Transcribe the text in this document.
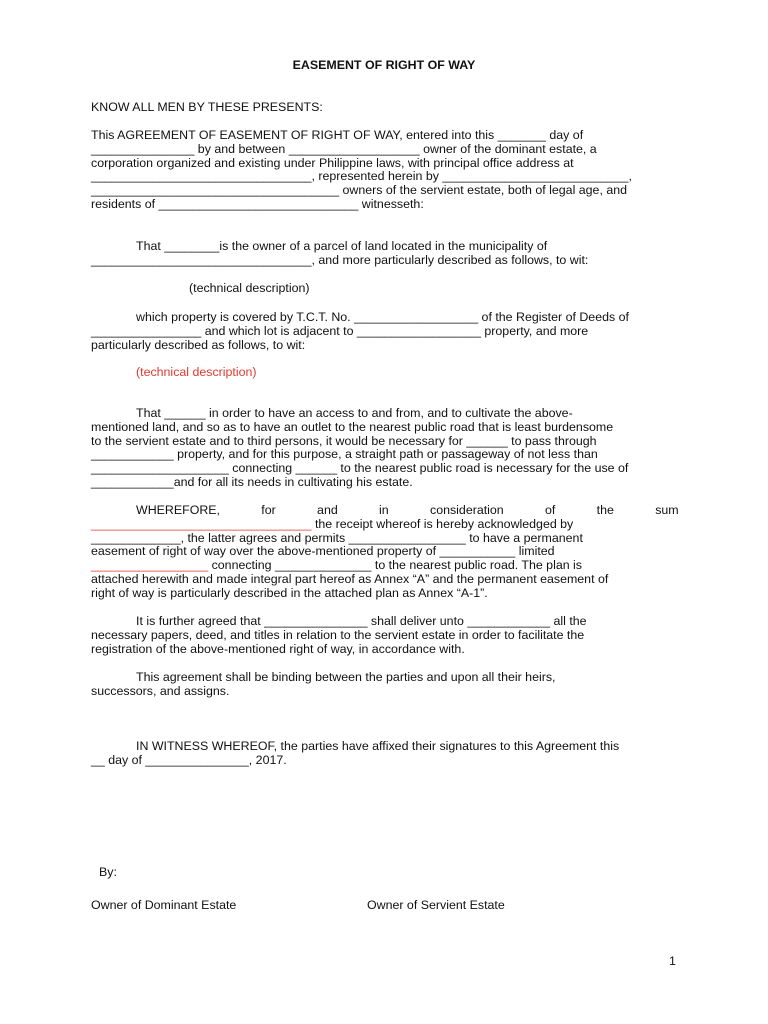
EASEMENT OF RIGHT OF WAY
KNOW ALL MEN BY THESE PRESENTS:
This AGREEMENT OF EASEMENT OF RIGHT OF WAY, entered into this _______ day of
_______________ by and between ___________________ owner of the dominant estate, a
corporation organized and existing under Philippine laws, with principal office address at
________________________________, represented herein by ___________________________,
____________________________________ owners of the servient estate, both of legal age, and
residents of _____________________________ witnesseth:
That ________is the owner of a parcel of land located in the municipality of
________________________________, and more particularly described as follows, to wit:
(technical description)
which property is covered by T.C.T. No. __________________ of the Register of Deeds of
________________ and which lot is adjacent to __________________ property, and more
particularly described as follows, to wit:
(technical description)
That ______ in order to have an access to and from, and to cultivate the above-
mentioned land, and so as to have an outlet to the nearest public road that is least burdensome
to the servient estate and to third persons, it would be necessary for ______ to pass through
____________ property, and for this purpose, a straight path or passageway of not less than
____________________ connecting ______ to the nearest public road is necessary for the use of
____________and for all its needs in cultivating his estate.
WHEREFORE,            for            and            in            consideration            of            the            sum
________________________________ the receipt whereof is hereby acknowledged by
_____________, the latter agrees and permits _________________ to have a permanent
easement of right of way over the above-mentioned property of ___________ limited
_________________ connecting ______________ to the nearest public road. The plan is
attached herewith and made integral part hereof as Annex “A” and the permanent easement of
right of way is particularly described in the attached plan as Annex “A-1”.
It is further agreed that _______________ shall deliver unto ____________ all the
necessary papers, deed, and titles in relation to the servient estate in order to facilitate the
registration of the above-mentioned right of way, in accordance with.
This agreement shall be binding between the parties and upon all their heirs,
successors, and assigns.
IN WITNESS WHEREOF, the parties have affixed their signatures to this Agreement this
__ day of _______________, 2017.
By:
Owner of Dominant Estate	Owner of Servient Estate
1
